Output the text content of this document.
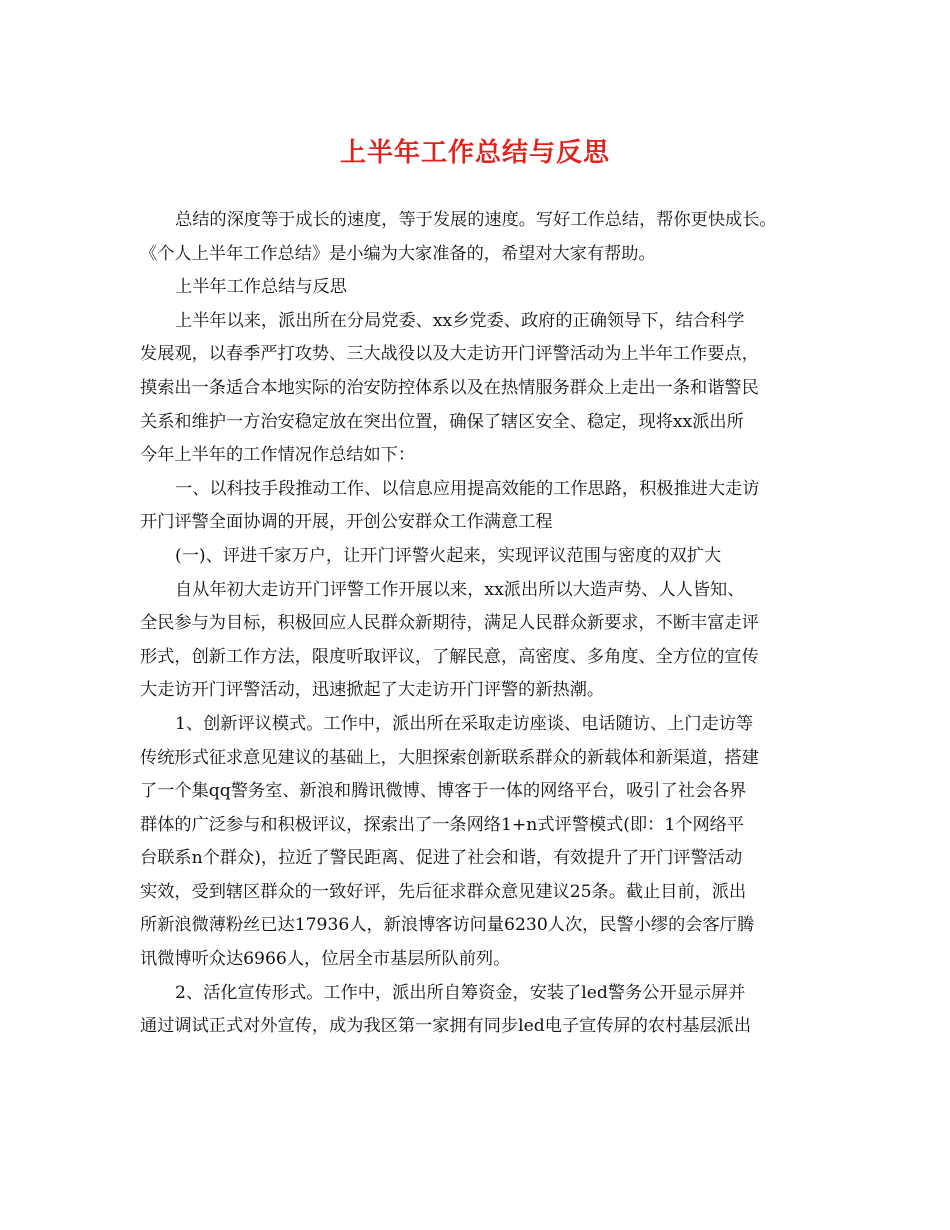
上半年工作总结与反思
总结的深度等于成长的速度，等于发展的速度。写好工作总结，帮你更快成长。
《个人上半年工作总结》是小编为大家准备的，希望对大家有帮助。
上半年工作总结与反思
上半年以来，派出所在分局党委、xx乡党委、政府的正确领导下，结合科学
发展观，以春季严打攻势、三大战役以及大走访开门评警活动为上半年工作要点，
摸索出一条适合本地实际的治安防控体系以及在热情服务群众上走出一条和谐警民
关系和维护一方治安稳定放在突出位置，确保了辖区安全、稳定，现将xx派出所
今年上半年的工作情况作总结如下：
一、以科技手段推动工作、以信息应用提高效能的工作思路，积极推进大走访
开门评警全面协调的开展，开创公安群众工作满意工程
(一)、评进千家万户，让开门评警火起来，实现评议范围与密度的双扩大
自从年初大走访开门评警工作开展以来，xx派出所以大造声势、人人皆知、
全民参与为目标，积极回应人民群众新期待，满足人民群众新要求，不断丰富走评
形式，创新工作方法，限度听取评议，了解民意，高密度、多角度、全方位的宣传
大走访开门评警活动，迅速掀起了大走访开门评警的新热潮。
1、创新评议模式。工作中，派出所在采取走访座谈、电话随访、上门走访等
传统形式征求意见建议的基础上，大胆探索创新联系群众的新载体和新渠道，搭建
了一个集qq警务室、新浪和腾讯微博、博客于一体的网络平台，吸引了社会各界
群体的广泛参与和积极评议，探索出了一条网络1+n式评警模式(即：1个网络平
台联系n个群众)，拉近了警民距离、促进了社会和谐，有效提升了开门评警活动
实效，受到辖区群众的一致好评，先后征求群众意见建议25条。截止目前，派出
所新浪微薄粉丝已达17936人，新浪博客访问量6230人次，民警小缪的会客厅腾
讯微博听众达6966人，位居全市基层所队前列。
2、活化宣传形式。工作中，派出所自筹资金，安装了led警务公开显示屏并
通过调试正式对外宣传，成为我区第一家拥有同步led电子宣传屏的农村基层派出
